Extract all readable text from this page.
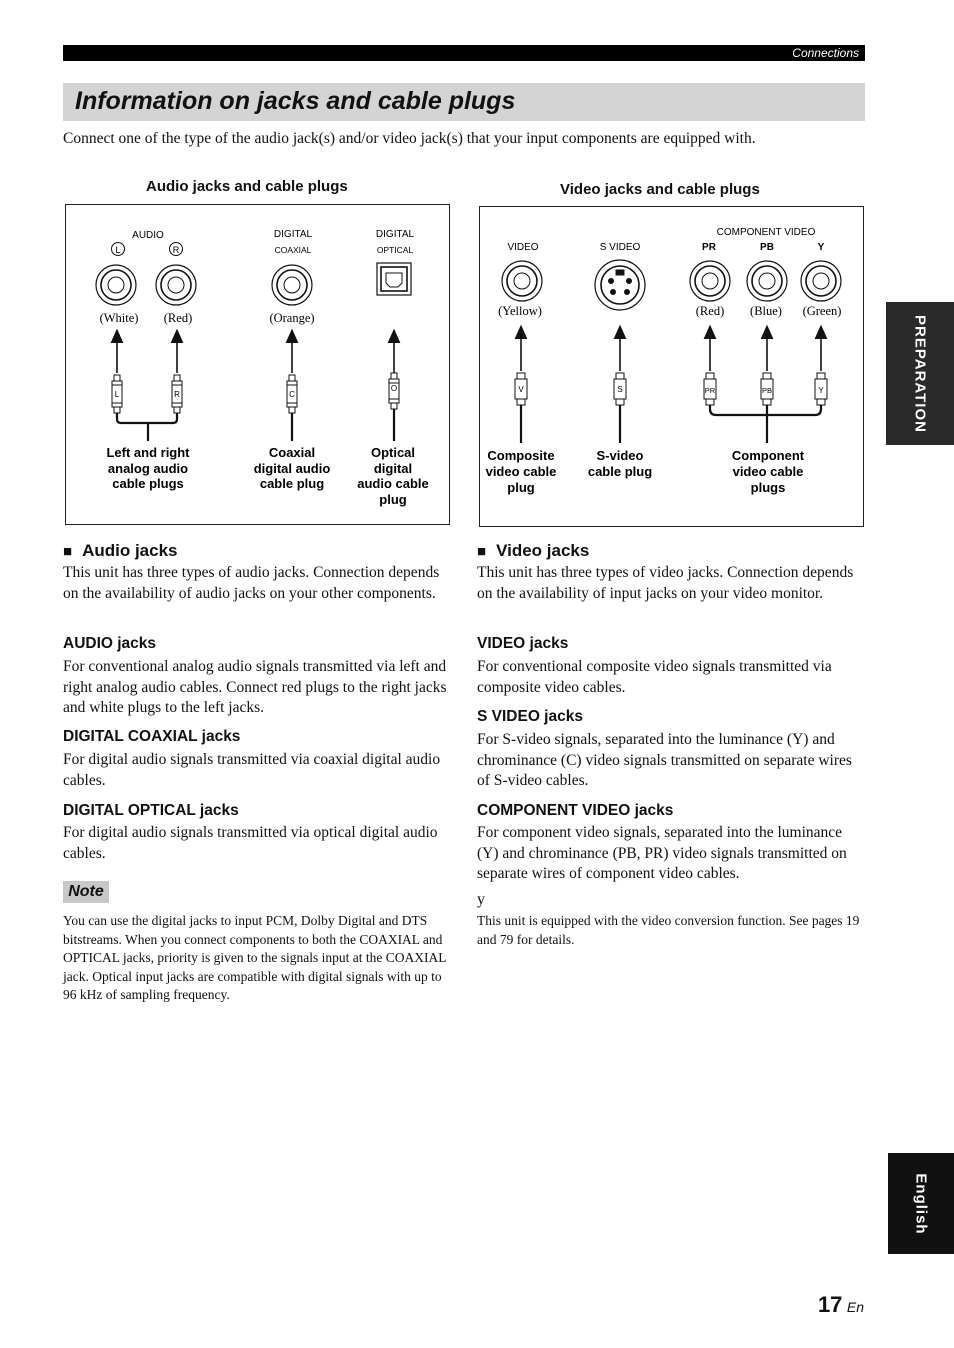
Connections
Information on jacks and cable plugs
Connect one of the type of the audio jack(s) and/or video jack(s) that your input components are equipped with.
Audio jacks and cable plugs
AUDIO
L	R
DIGITAL
COAXIAL
DIGITAL
OPTICAL
(White) (Red)	(Orange)
L	R	C
O
Left and right
analog audio
cable plugs
Coaxial
digital audio
cable plug
Optical
digital
audio cable
plug
Video jacks and cable plugs
VIDEO	S VIDEO
COMPONENT VIDEO
PR	PB	Y
(Yellow)	(Red) (Blue) (Green)
V	S	PR	PB	Y
Composite
video cable
plug
S-video
cable plug
Component
video cable
plugs
■ Audio jacks
This unit has three types of audio jacks. Connection depends on the availability of audio jacks on your other components.
AUDIO jacks
For conventional analog audio signals transmitted via left and right analog audio cables. Connect red plugs to the right jacks and white plugs to the left jacks.
DIGITAL COAXIAL jacks
For digital audio signals transmitted via coaxial digital audio cables.
DIGITAL OPTICAL jacks
For digital audio signals transmitted via optical digital audio cables.
Note
You can use the digital jacks to input PCM, Dolby Digital and DTS bitstreams. When you connect components to both the COAXIAL and OPTICAL jacks, priority is given to the signals input at the COAXIAL jack. Optical input jacks are compatible with digital signals with up to 96 kHz of sampling frequency.
■ Video jacks
This unit has three types of video jacks. Connection depends on the availability of input jacks on your video monitor.
VIDEO jacks
For conventional composite video signals transmitted via composite video cables.
S VIDEO jacks
For S-video signals, separated into the luminance (Y) and chrominance (C) video signals transmitted on separate wires of S-video cables.
COMPONENT VIDEO jacks
For component video signals, separated into the luminance (Y) and chrominance (PB, PR) video signals transmitted on separate wires of component video cables.
y
This unit is equipped with the video conversion function. See pages 19 and 79 for details.
PREPARATION
English
17 En
